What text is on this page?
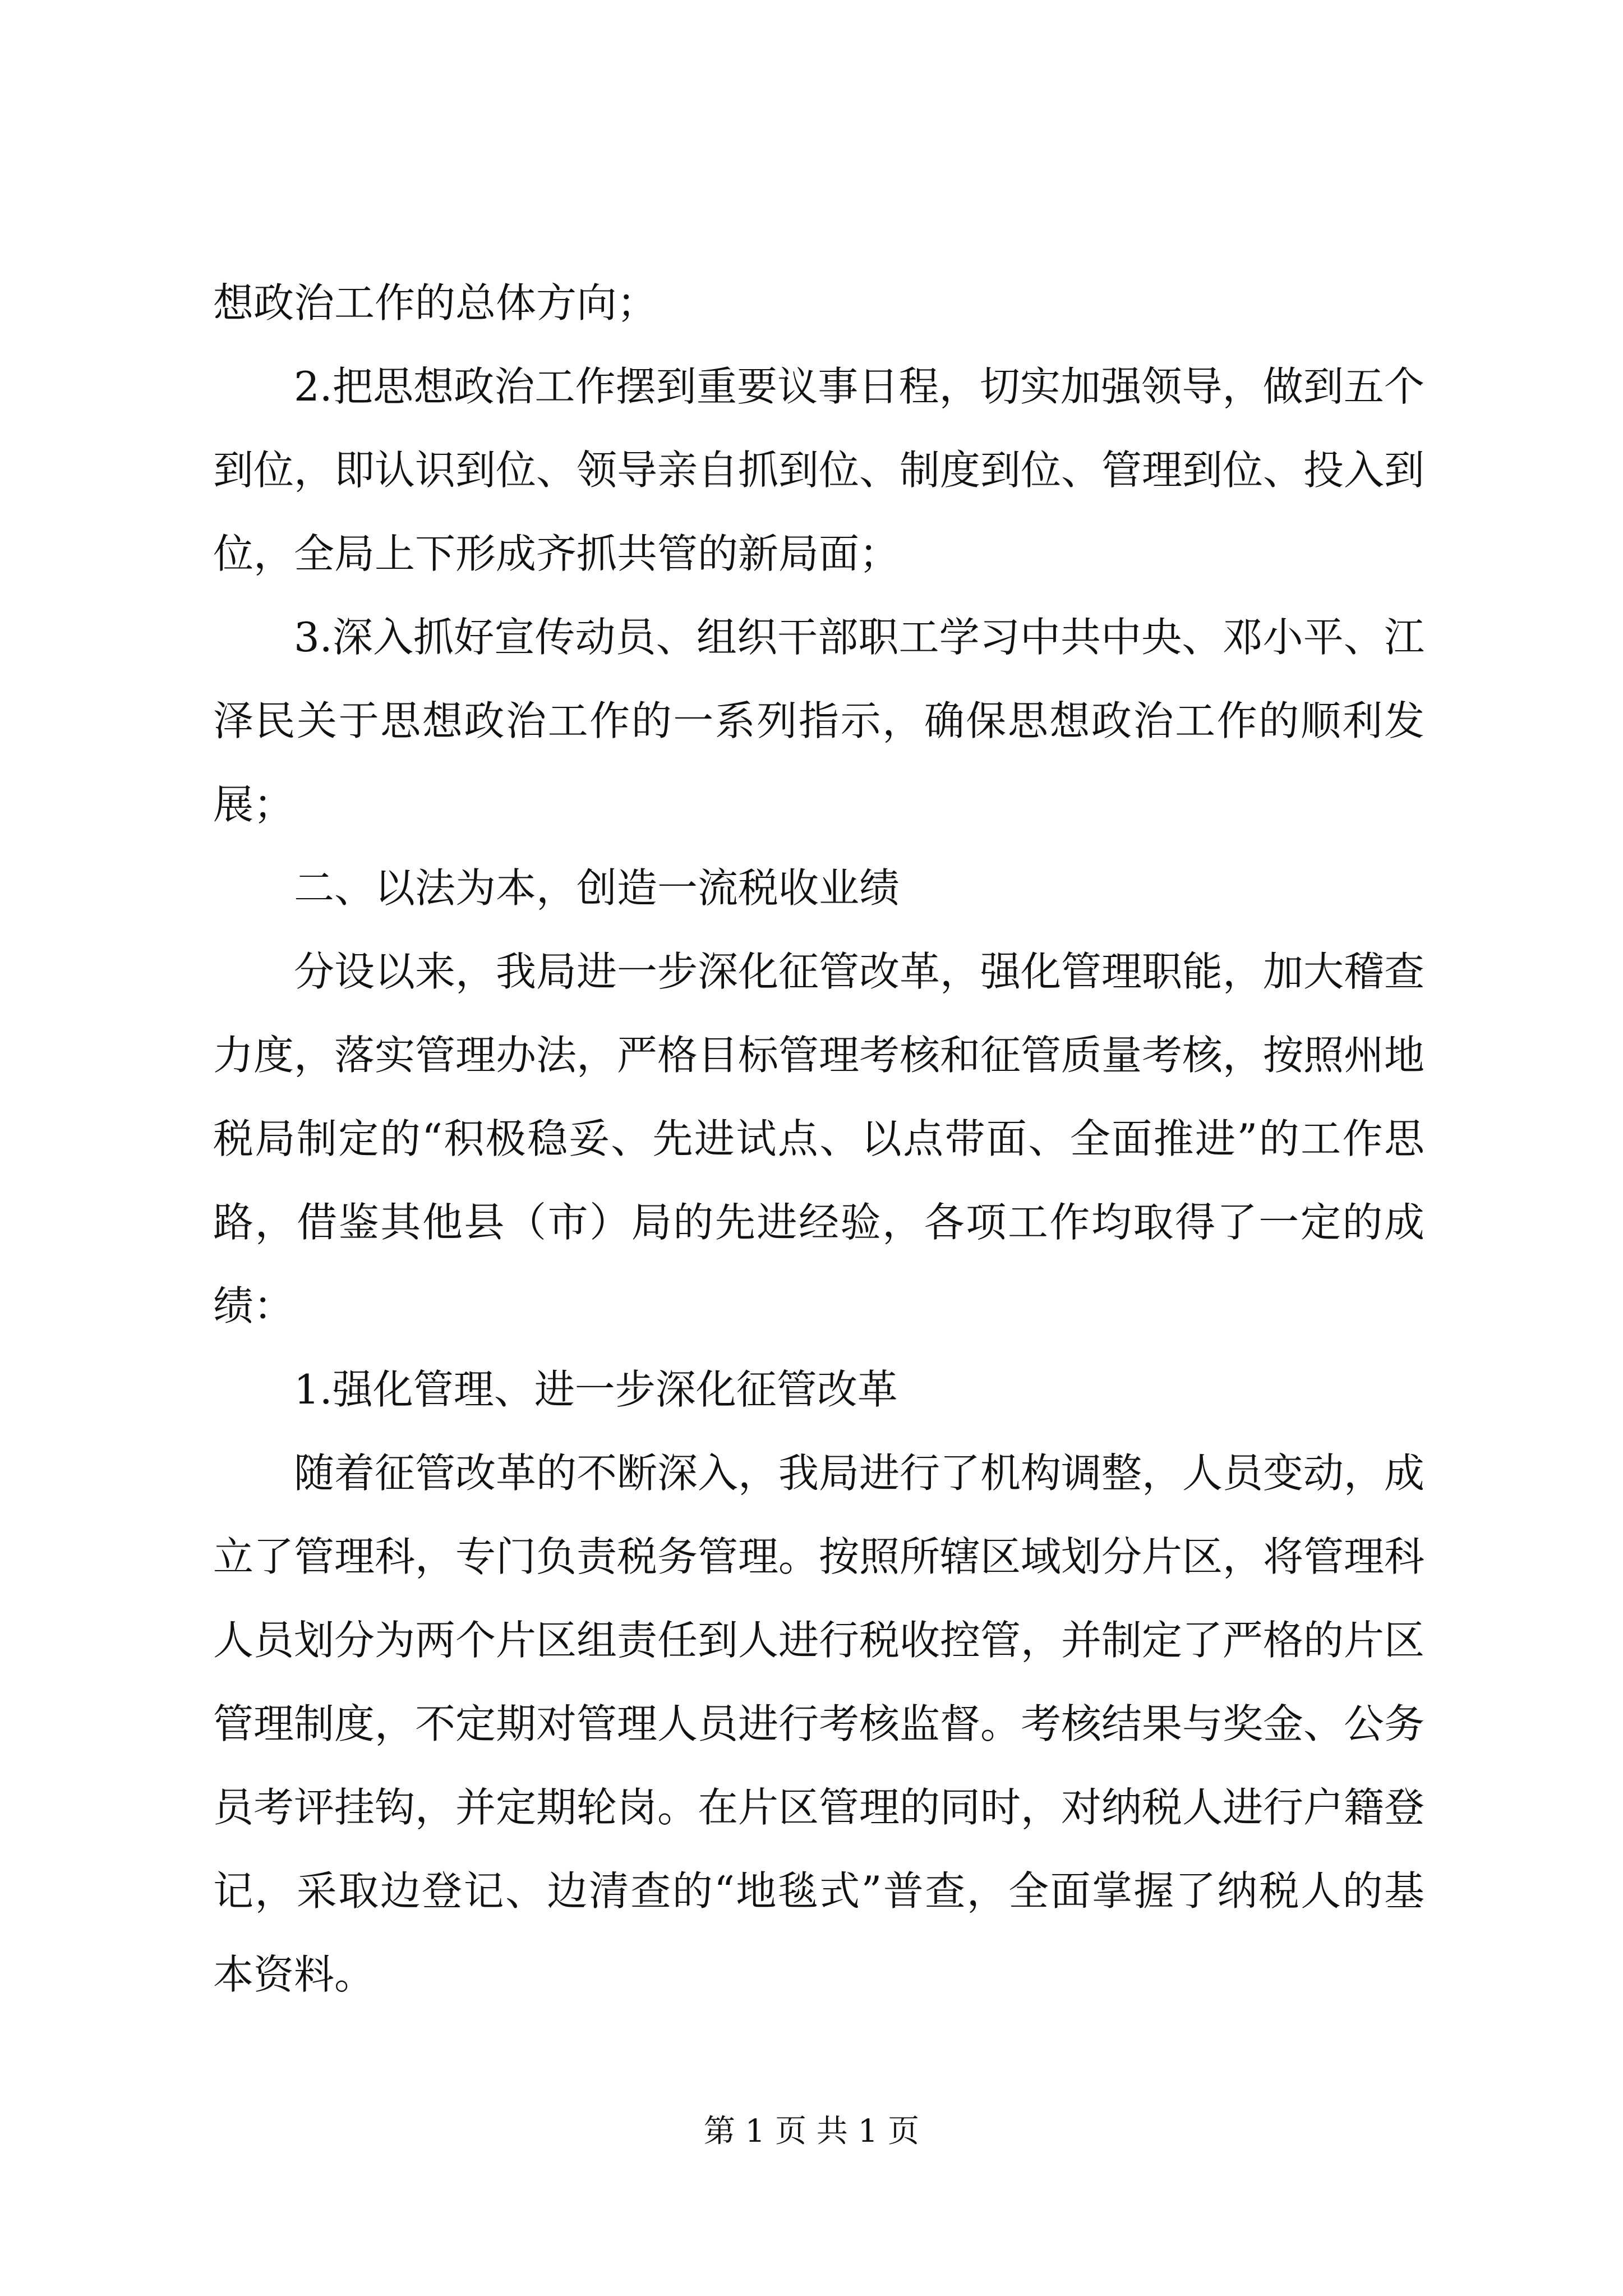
想政治工作的总体方向；

2.把思想政治工作摆到重要议事日程，切实加强领导，做到五个到位，即认识到位、领导亲自抓到位、制度到位、管理到位、投入到位，全局上下形成齐抓共管的新局面；

3.深入抓好宣传动员、组织干部职工学习中共中央、邓小平、江泽民关于思想政治工作的一系列指示，确保思想政治工作的顺利发展；

二、以法为本，创造一流税收业绩

分设以来，我局进一步深化征管改革，强化管理职能，加大稽查力度，落实管理办法，严格目标管理考核和征管质量考核，按照州地税局制定的“积极稳妥、先进试点、以点带面、全面推进”的工作思路，借鉴其他县（市）局的先进经验，各项工作均取得了一定的成绩：

1.强化管理、进一步深化征管改革

随着征管改革的不断深入，我局进行了机构调整，人员变动，成立了管理科，专门负责税务管理。按照所辖区域划分片区，将管理科人员划分为两个片区组责任到人进行税收控管，并制定了严格的片区管理制度，不定期对管理人员进行考核监督。考核结果与奖金、公务员考评挂钩，并定期轮岗。在片区管理的同时，对纳税人进行户籍登记，采取边登记、边清查的“地毯式”普查，全面掌握了纳税人的基本资料。

第 1 页 共 1 页
